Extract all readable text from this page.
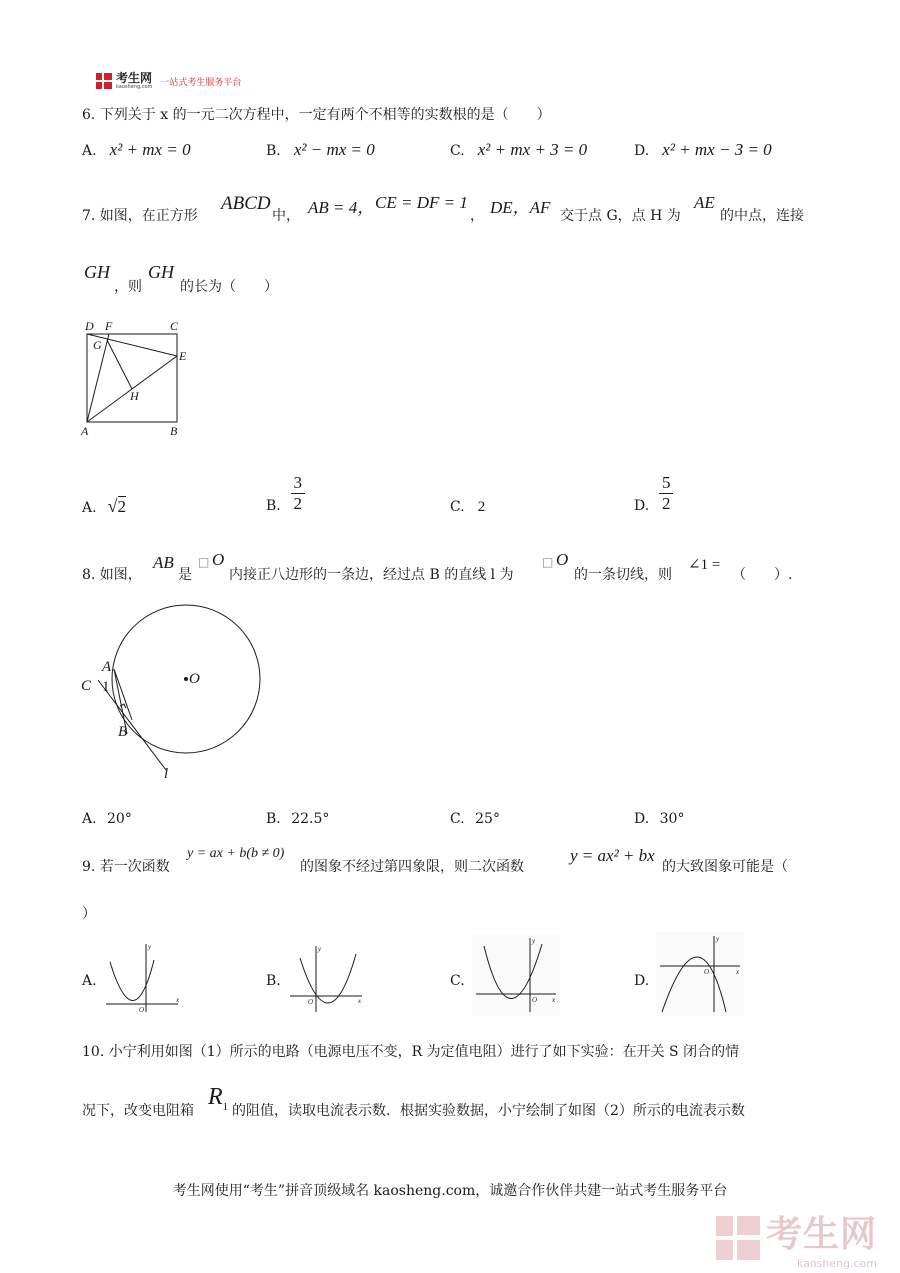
考生网
kaosheng.com 一站式考生服务平台
6. 下列关于 x 的一元二次方程中，一定有两个不相等的实数根的是（　　）
A. x² + mx = 0	B. x² − mx = 0	C. x² + mx + 3 = 0	D. x² + mx − 3 = 0
7. 如图，在正方形
ABCD
中， AB = 4， CE = DF = 1
， DE，AF 交于点 G，点 H 为
AE
的中点，连接
GH
，则
GH
的长为（　　）
D F	C
G
E
H
A	B
A. √2	B. $\frac{3}{2}$	C. 2	D. $\frac{5}{2}$
8. 如图，
AB
是
□ O
内接正八边形的一条边，经过点 B 的直线 l 为
□ O
的一条切线，则
∠1 =
（　　）.
A
C 1
B
O
l
A. 20°	B. 22.5°	C. 25°	D. 30°
9. 若一次函数
y = ax + b(b ≠ 0)
的图象不经过第四象限，则二次函数
y = ax² + bx
的大致图象可能是（
）
A.
x
y
O
B.
x
y
O
C.
x
y
O
D.
x
y
O
10. 小宁利用如图（1）所示的电路（电源电压不变，R 为定值电阻）进行了如下实验：在开关 S 闭合的情
况下，改变电阻箱
$R_1$ 的阻值，读取电流表示数．根据实验数据，小宁绘制了如图（2）所示的电流表示数
考生网使用“考生”拼音顶级域名 kaosheng.com，诚邀合作伙伴共建一站式考生服务平台
考生网
kaosheng.com
